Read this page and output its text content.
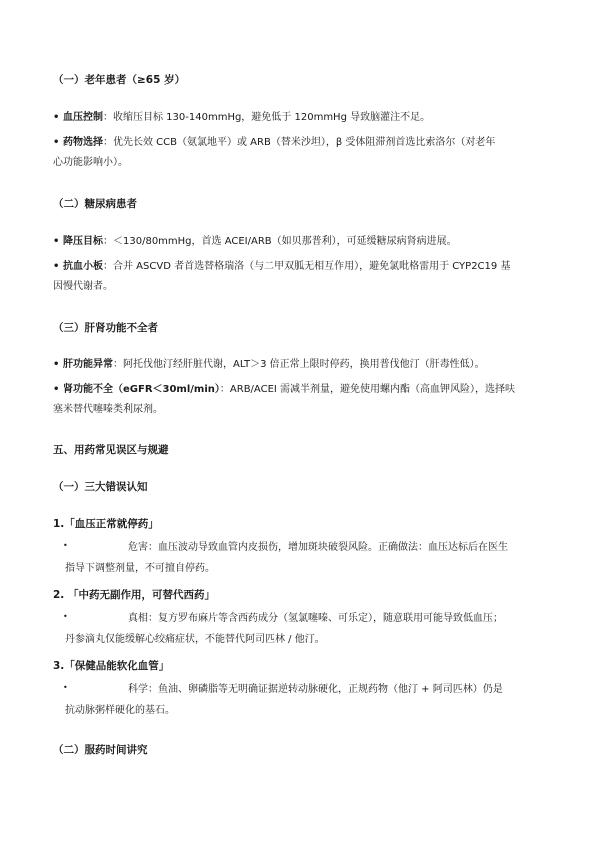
（一）老年患者（≥65 岁）
• 血压控制：收缩压目标 130-140mmHg，避免低于 120mmHg 导致脑灌注不足。
• 药物选择：优先长效 CCB（氨氯地平）或 ARB（替米沙坦），β 受体阻滞剂首选比索洛尔（对老年
心功能影响小）。
（二）糖尿病患者
• 降压目标：＜130/80mmHg，首选 ACEI/ARB（如贝那普利），可延缓糖尿病肾病进展。
• 抗血小板：合并 ASCVD 者首选替格瑞洛（与二甲双胍无相互作用），避免氯吡格雷用于 CYP2C19 基
因慢代谢者。
（三）肝肾功能不全者
• 肝功能异常：阿托伐他汀经肝脏代谢，ALT＞3 倍正常上限时停药，换用普伐他汀（肝毒性低）。
• 肾功能不全（eGFR＜30ml/min）：ARB/ACEI 需减半剂量，避免使用螺内酯（高血钾风险），选择呋
塞米替代噻嗪类利尿剂。
五、用药常见误区与规避
（一）三大错误认知
1.「血压正常就停药」
•	危害：血压波动导致血管内皮损伤，增加斑块破裂风险。正确做法：血压达标后在医生
指导下调整剂量，不可擅自停药。
2. 「中药无副作用，可替代西药」
•	真相：复方罗布麻片等含西药成分（氢氯噻嗪、可乐定），随意联用可能导致低血压；
丹参滴丸仅能缓解心绞痛症状，不能替代阿司匹林 / 他汀。
3.「保健品能软化血管」
•	科学：鱼油、卵磷脂等无明确证据逆转动脉硬化，正规药物（他汀 + 阿司匹林）仍是
抗动脉粥样硬化的基石。
（二）服药时间讲究
